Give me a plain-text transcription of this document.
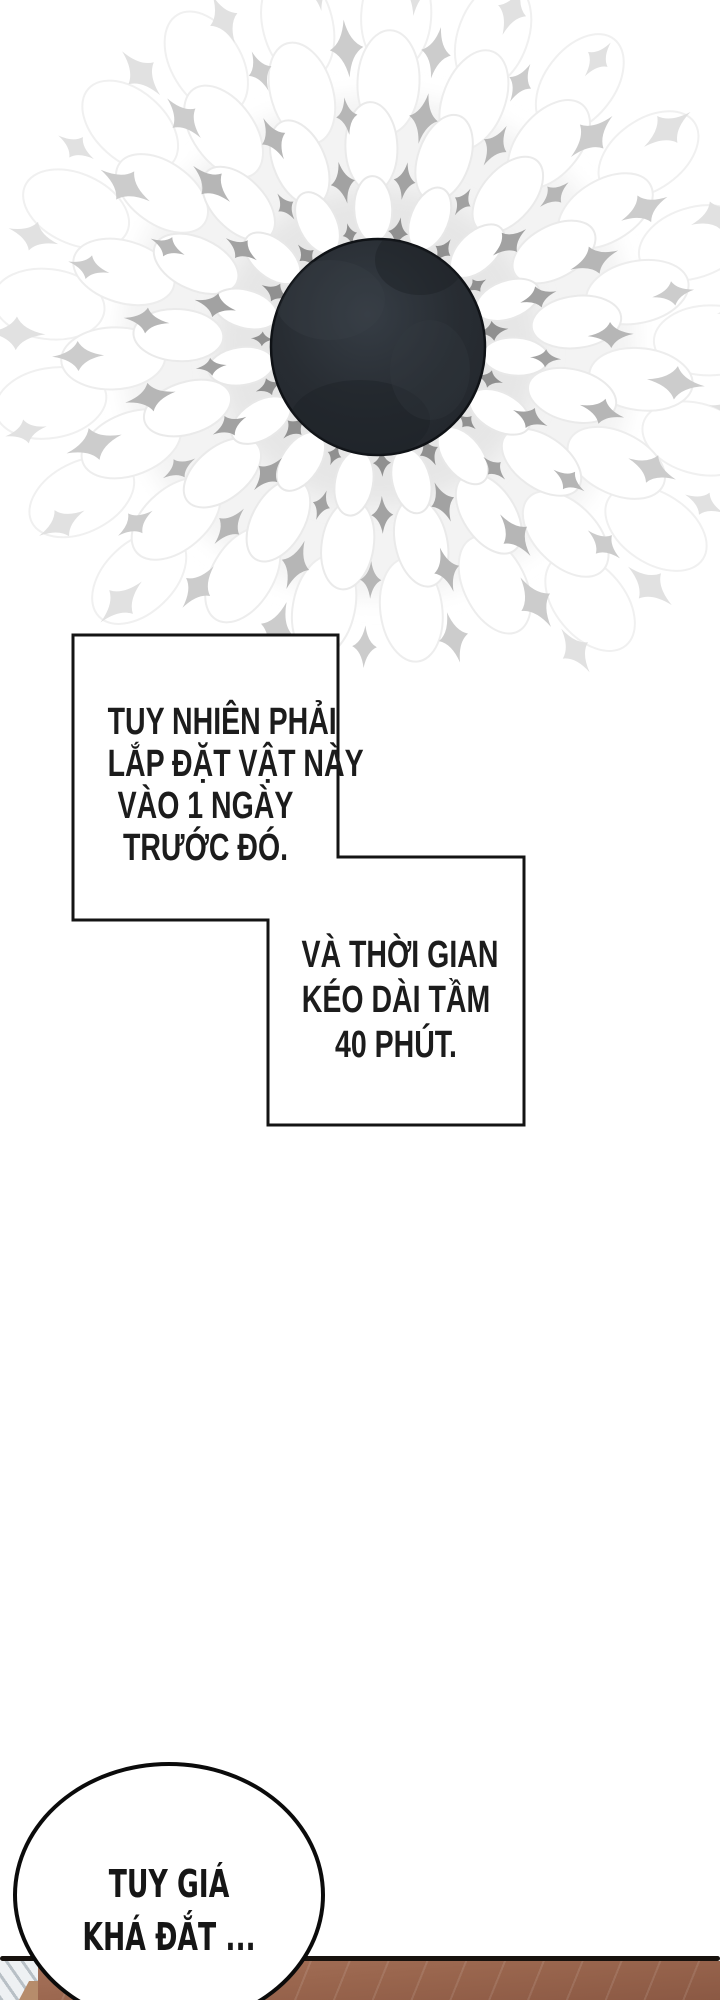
TUY NHIÊN PHẢI
LẮP ĐẶT VẬT NÀY
VÀO 1 NGÀY
TRƯỚC ĐÓ.
VÀ THỜI GIAN
KÉO DÀI TẦM
40 PHÚT.
TUY GIÁ
KHÁ ĐẮT ...
